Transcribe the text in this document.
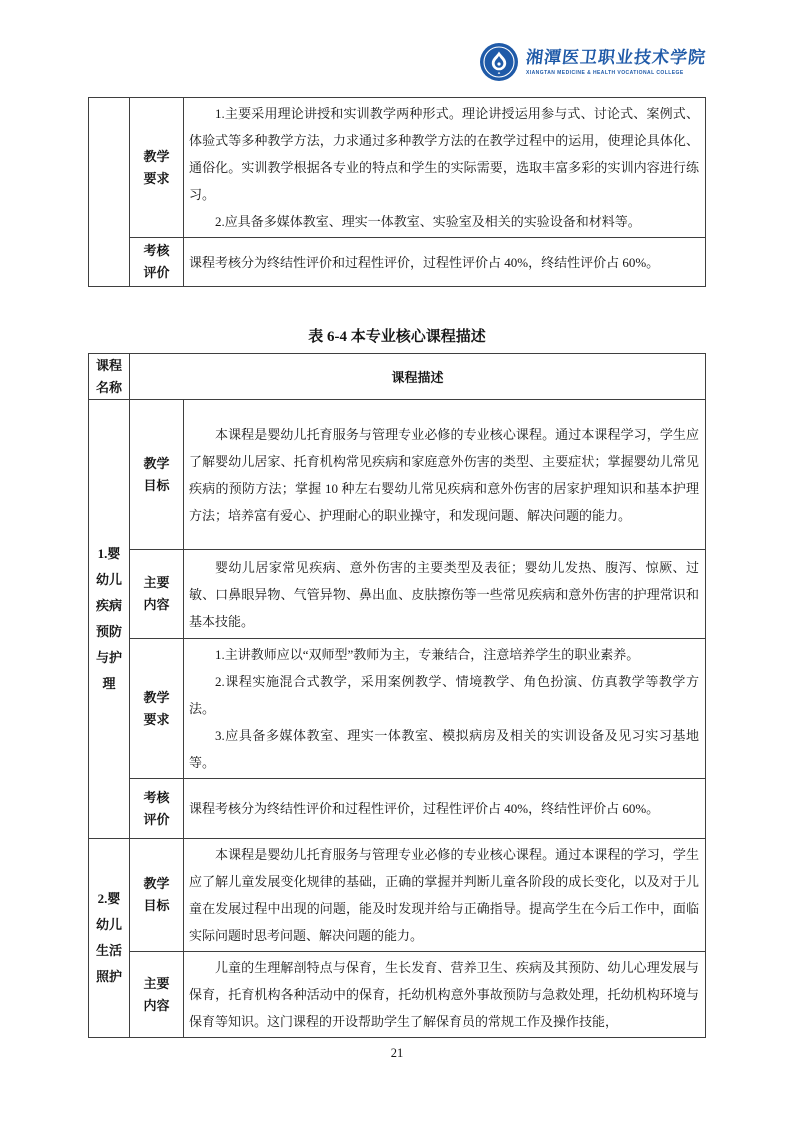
湘潭医卫职业技术学院
XIANGTAN MEDICINE & HEALTH VOCATIONAL COLLEGE

	教学要求	1.主要采用理论讲授和实训教学两种形式。理论讲授运用参与式、讨论式、案例式、体验式等多种教学方法，力求通过多种教学方法的在教学过程中的运用，使理论具体化、通俗化。实训教学根据各专业的特点和学生的实际需要，选取丰富多彩的实训内容进行练习。

2.应具备多媒体教室、理实一体教室、实验室及相关的实验设备和材料等。

	考核评价	课程考核分为终结性评价和过程性评价，过程性评价占 40%，终结性评价占 60%。

表 6-4 本专业核心课程描述
课程名称	课程描述	

1.婴幼儿疾病预防与护理	教学目标	本课程是婴幼儿托育服务与管理专业必修的专业核心课程。通过本课程学习，学生应了解婴幼儿居家、托育机构常见疾病和家庭意外伤害的类型、主要症状；掌握婴幼儿常见疾病的预防方法；掌握 10 种左右婴幼儿常见疾病和意外伤害的居家护理知识和基本护理方法；培养富有爱心、护理耐心的职业操守，和发现问题、解决问题的能力。

	主要内容	婴幼儿居家常见疾病、意外伤害的主要类型及表征；婴幼儿发热、腹泻、惊厥、过敏、口鼻眼异物、气管异物、鼻出血、皮肤擦伤等一些常见疾病和意外伤害的护理常识和基本技能。

	教学要求	1.主讲教师应以“双师型”教师为主，专兼结合，注意培养学生的职业素养。

2.课程实施混合式教学，采用案例教学、情境教学、角色扮演、仿真教学等教学方法。

3.应具备多媒体教室、理实一体教室、模拟病房及相关的实训设备及见习实习基地等。

	考核评价	课程考核分为终结性评价和过程性评价，过程性评价占 40%，终结性评价占 60%。

2.婴幼儿生活照护	教学目标	本课程是婴幼儿托育服务与管理专业必修的专业核心课程。通过本课程的学习，学生应了解儿童发展变化规律的基础，正确的掌握并判断儿童各阶段的成长变化，以及对于儿童在发展过程中出现的问题，能及时发现并给与正确指导。提高学生在今后工作中，面临实际问题时思考问题、解决问题的能力。

	主要内容	儿童的生理解剖特点与保育，生长发育、营养卫生、疾病及其预防、幼儿心理发展与保育，托育机构各种活动中的保育，托幼机构意外事故预防与急救处理，托幼机构环境与保育等知识。这门课程的开设帮助学生了解保育员的常规工作及操作技能，

21
